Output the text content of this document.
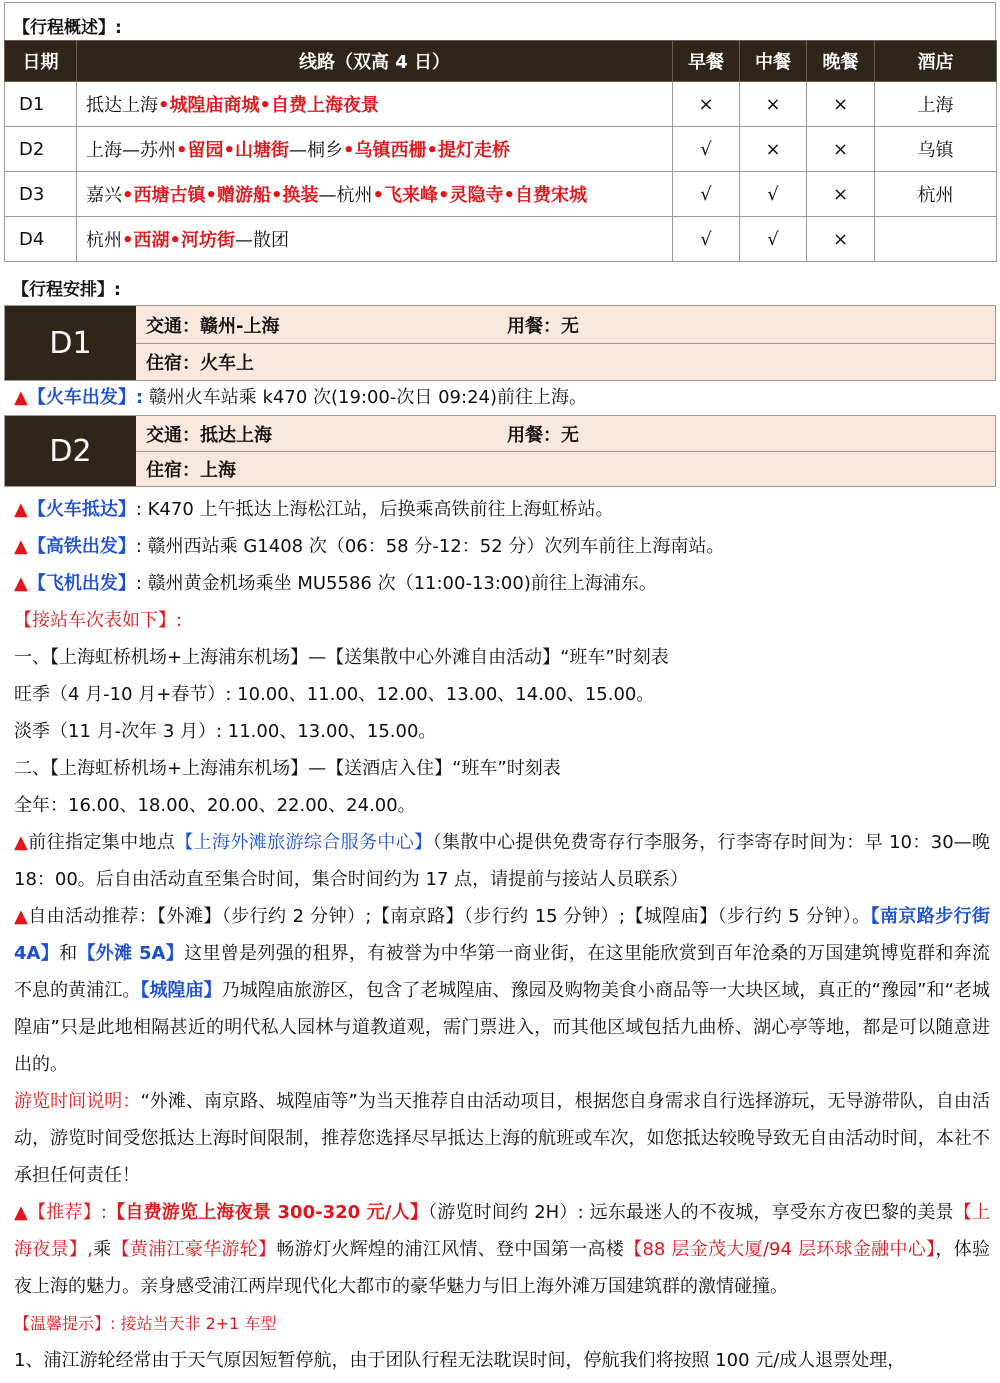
【行程概述】:
日期	线路（双高 4 日）	早餐	中餐	晚餐	酒店
D1	抵达上海•城隍庙商城•自费上海夜景	×	×	×	上海
D2	上海—苏州•留园•山塘街—桐乡•乌镇西栅•提灯走桥	√	×	×	乌镇
D3	嘉兴•西塘古镇•赠游船•换装—杭州•飞来峰•灵隐寺•自费宋城	√	√	×	杭州
D4	杭州•西湖•河坊街—散团	√	√	×	
【行程安排】:
D1	交通：赣州-上海	用餐：无
住宿：火车上
▲【火车出发】: 赣州火车站乘 k470 次(19:00-次日 09:24)前往上海。
D2	交通：抵达上海	用餐：无
住宿：上海
▲【火车抵达】: K470 上午抵达上海松江站，后换乘高铁前往上海虹桥站。
▲【高铁出发】: 赣州西站乘 G1408 次（06：58 分-12：52 分）次列车前往上海南站。
▲【飞机出发】: 赣州黄金机场乘坐 MU5586 次（11:00-13:00)前往上海浦东。
【接站车次表如下】:
一、【上海虹桥机场+上海浦东机场】—【送集散中心外滩自由活动】“班车”时刻表
旺季（4 月-10 月+春节）: 10.00、11.00、12.00、13.00、14.00、15.00。
淡季（11 月-次年 3 月）: 11.00、13.00、15.00。
二、【上海虹桥机场+上海浦东机场】—【送酒店入住】“班车”时刻表
全年：16.00、18.00、20.00、22.00、24.00。
▲前往指定集中地点【上海外滩旅游综合服务中心】（集散中心提供免费寄存行李服务，行李寄存时间为：早 10：30—晚 18：00。后自由活动直至集合时间，集合时间约为 17 点，请提前与接站人员联系）
▲自由活动推荐：【外滩】（步行约 2 分钟）;【南京路】（步行约 15 分钟）;【城隍庙】（步行约 5 分钟）。【南京路步行街 4A】和【外滩 5A】这里曾是列强的租界，有被誉为中华第一商业街，在这里能欣赏到百年沧桑的万国建筑博览群和奔流不息的黄浦江。【城隍庙】乃城隍庙旅游区，包含了老城隍庙、豫园及购物美食小商品等一大块区域，真正的“豫园”和“老城隍庙”只是此地相隔甚近的明代私人园林与道教道观，需门票进入，而其他区域包括九曲桥、湖心亭等地，都是可以随意进出的。
游览时间说明：“外滩、南京路、城隍庙等”为当天推荐自由活动项目，根据您自身需求自行选择游玩，无导游带队，自由活动，游览时间受您抵达上海时间限制，推荐您选择尽早抵达上海的航班或车次，如您抵达较晚导致无自由活动时间，本社不承担任何责任！
▲【推荐】:【自费游览上海夜景 300-320 元/人】（游览时间约 2H）: 远东最迷人的不夜城，享受东方夜巴黎的美景【上海夜景】,乘【黄浦江豪华游轮】畅游灯火辉煌的浦江风情、登中国第一高楼【88 层金茂大厦/94 层环球金融中心】，体验夜上海的魅力。亲身感受浦江两岸现代化大都市的豪华魅力与旧上海外滩万国建筑群的激情碰撞。
【温馨提示】: 接站当天非 2+1 车型
1、浦江游轮经常由于天气原因短暂停航，由于团队行程无法耽误时间，停航我们将按照 100 元/成人退票处理，
